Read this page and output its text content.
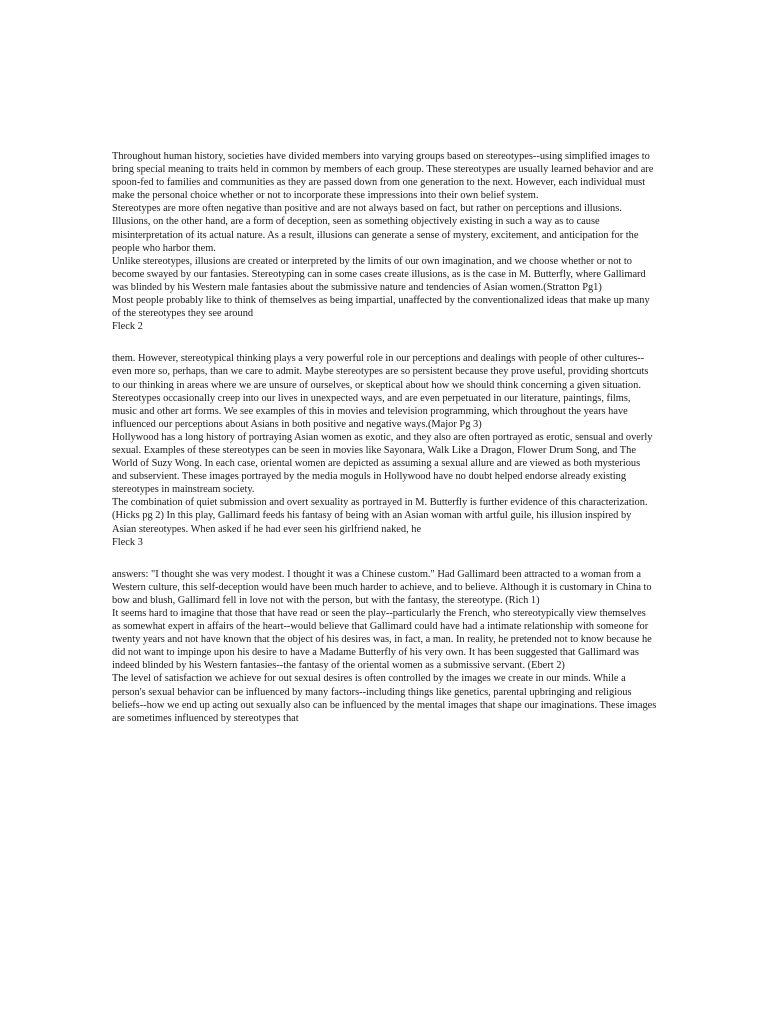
Throughout human history, societies have divided members into varying groups based on stereotypes--using simplified images to bring special meaning to traits held in common by members of each group. These stereotypes are usually learned behavior and are spoon-fed to families and communities as they are passed down from one generation to the next. However, each individual must make the personal choice whether or not to incorporate these impressions into their own belief system.

Stereotypes are more often negative than positive and are not always based on fact, but rather on perceptions and illusions. Illusions, on the other hand, are a form of deception, seen as something objectively existing in such a way as to cause misinterpretation of its actual nature. As a result, illusions can generate a sense of mystery, excitement, and anticipation for the people who harbor them.

Unlike stereotypes, illusions are created or interpreted by the limits of our own imagination, and we choose whether or not to become swayed by our fantasies. Stereotyping can in some cases create illusions, as is the case in M. Butterfly, where Gallimard was blinded by his Western male fantasies about the submissive nature and tendencies of Asian women.(Stratton Pg1)

Most people probably like to think of themselves as being impartial, unaffected by the conventionalized ideas that make up many of the stereotypes they see around

Fleck 2

them. However, stereotypical thinking plays a very powerful role in our perceptions and dealings with people of other cultures--even more so, perhaps, than we care to admit. Maybe stereotypes are so persistent because they prove useful, providing shortcuts to our thinking in areas where we are unsure of ourselves, or skeptical about how we should think concerning a given situation.

Stereotypes occasionally creep into our lives in unexpected ways, and are even perpetuated in our literature, paintings, films, music and other art forms. We see examples of this in movies and television programming, which throughout the years have influenced our perceptions about Asians in both positive and negative ways.(Major Pg 3)

Hollywood has a long history of portraying Asian women as exotic, and they also are often portrayed as erotic, sensual and overly sexual. Examples of these stereotypes can be seen in movies like Sayonara, Walk Like a Dragon, Flower Drum Song, and The World of Suzy Wong. In each case, oriental women are depicted as assuming a sexual allure and are viewed as both mysterious and subservient. These images portrayed by the media moguls in Hollywood have no doubt helped endorse already existing stereotypes in mainstream society.

The combination of quiet submission and overt sexuality as portrayed in M. Butterfly is further evidence of this characterization. (Hicks pg 2) In this play, Gallimard feeds his fantasy of being with an Asian woman with artful guile, his illusion inspired by Asian stereotypes. When asked if he had ever seen his girlfriend naked, he

Fleck 3

answers: "I thought she was very modest. I thought it was a Chinese custom." Had Gallimard been attracted to a woman from a Western culture, this self-deception would have been much harder to achieve, and to believe. Although it is customary in China to bow and blush, Gallimard fell in love not with the person, but with the fantasy, the stereotype. (Rich 1)

It seems hard to imagine that those that have read or seen the play--particularly the French, who stereotypically view themselves as somewhat expert in affairs of the heart--would believe that Gallimard could have had a intimate relationship with someone for twenty years and not have known that the object of his desires was, in fact, a man. In reality, he pretended not to know because he did not want to impinge upon his desire to have a Madame Butterfly of his very own. It has been suggested that Gallimard was indeed blinded by his Western fantasies--the fantasy of the oriental women as a submissive servant. (Ebert 2)

The level of satisfaction we achieve for out sexual desires is often controlled by the images we create in our minds. While a person's sexual behavior can be influenced by many factors--including things like genetics, parental upbringing and religious beliefs--how we end up acting out sexually also can be influenced by the mental images that shape our imaginations. These images are sometimes influenced by stereotypes that
